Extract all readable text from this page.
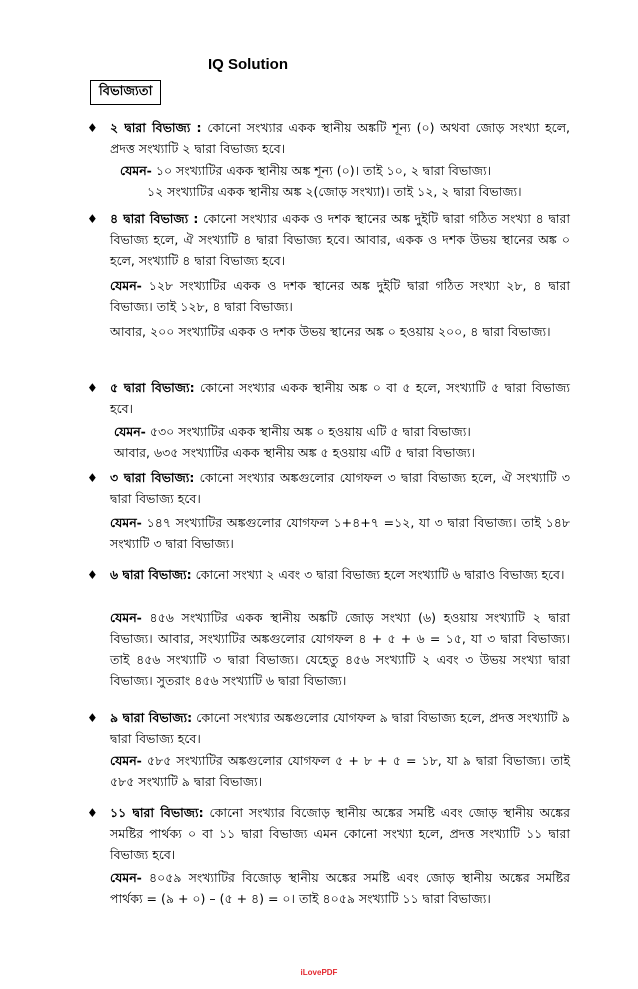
IQ Solution
বিভাজ্যতা
♦ ২ দ্বারা বিভাজ্য : কোনো সংখ্যার একক স্থানীয় অঙ্কটি শূন্য (০) অথবা জোড় সংখ্যা হলে, প্রদত্ত সংখ্যাটি ২ দ্বারা বিভাজ্য হবে।
যেমন- ১০ সংখ্যাটির একক স্থানীয় অঙ্ক শূন্য (০)। তাই ১০, ২ দ্বারা বিভাজ্য।
১২ সংখ্যাটির একক স্থানীয় অঙ্ক ২(জোড় সংখ্যা)। তাই ১২, ২ দ্বারা বিভাজ্য।
♦ ৪ দ্বারা বিভাজ্য : কোনো সংখ্যার একক ও দশক স্থানের অঙ্ক দুইটি দ্বারা গঠিত সংখ্যা ৪ দ্বারা বিভাজ্য হলে, ঐ সংখ্যাটি ৪ দ্বারা বিভাজ্য হবে। আবার, একক ও দশক উভয় স্থানের অঙ্ক ০ হলে, সংখ্যাটি ৪ দ্বারা বিভাজ্য হবে।
যেমন- ১২৮ সংখ্যাটির একক ও দশক স্থানের অঙ্ক দুইটি দ্বারা গঠিত সংখ্যা ২৮, ৪ দ্বারা বিভাজ্য। তাই ১২৮, ৪ দ্বারা বিভাজ্য।
আবার, ২০০ সংখ্যাটির একক ও দশক উভয় স্থানের অঙ্ক ০ হওয়ায় ২০০, ৪ দ্বারা বিভাজ্য।
♦ ৫ দ্বারা বিভাজ্য: কোনো সংখ্যার একক স্থানীয় অঙ্ক ০ বা ৫ হলে, সংখ্যাটি ৫ দ্বারা বিভাজ্য হবে।
যেমন- ৫৩০ সংখ্যাটির একক স্থানীয় অঙ্ক ০ হওয়ায় এটি ৫ দ্বারা বিভাজ্য।
আবার, ৬৩৫ সংখ্যাটির একক স্থানীয় অঙ্ক ৫ হওয়ায় এটি ৫ দ্বারা বিভাজ্য।
♦ ৩ দ্বারা বিভাজ্য: কোনো সংখ্যার অঙ্কগুলোর যোগফল ৩ দ্বারা বিভাজ্য হলে, ঐ সংখ্যাটি ৩ দ্বারা বিভাজ্য হবে।
যেমন- ১৪৭ সংখ্যাটির অঙ্কগুলোর যোগফল ১+৪+৭ =১২, যা ৩ দ্বারা বিভাজ্য। তাই ১৪৮ সংখ্যাটি ৩ দ্বারা বিভাজ্য।
♦ ৬ দ্বারা বিভাজ্য: কোনো সংখ্যা ২ এবং ৩ দ্বারা বিভাজ্য হলে সংখ্যাটি ৬ দ্বারাও বিভাজ্য হবে।
যেমন- ৪৫৬ সংখ্যাটির একক স্থানীয় অঙ্কটি জোড় সংখ্যা (৬) হওয়ায় সংখ্যাটি ২ দ্বারা বিভাজ্য। আবার, সংখ্যাটির অঙ্কগুলোর যোগফল ৪ + ৫ + ৬ = ১৫, যা ৩ দ্বারা বিভাজ্য। তাই ৪৫৬ সংখ্যাটি ৩ দ্বারা বিভাজ্য। যেহেতু ৪৫৬ সংখ্যাটি ২ এবং ৩ উভয় সংখ্যা দ্বারা বিভাজ্য। সুতরাং ৪৫৬ সংখ্যাটি ৬ দ্বারা বিভাজ্য।
♦ ৯ দ্বারা বিভাজ্য: কোনো সংখ্যার অঙ্কগুলোর যোগফল ৯ দ্বারা বিভাজ্য হলে, প্রদত্ত সংখ্যাটি ৯ দ্বারা বিভাজ্য হবে।
যেমন- ৫৮৫ সংখ্যাটির অঙ্কগুলোর যোগফল ৫ + ৮ + ৫ = ১৮, যা ৯ দ্বারা বিভাজ্য। তাই ৫৮৫ সংখ্যাটি ৯ দ্বারা বিভাজ্য।
♦ ১১ দ্বারা বিভাজ্য: কোনো সংখ্যার বিজোড় স্থানীয় অঙ্কের সমষ্টি এবং জোড় স্থানীয় অঙ্কের সমষ্টির পার্থক্য ০ বা ১১ দ্বারা বিভাজ্য এমন কোনো সংখ্যা হলে, প্রদত্ত সংখ্যাটি ১১ দ্বারা বিভাজ্য হবে।
যেমন- ৪০৫৯ সংখ্যাটির বিজোড় স্থানীয় অঙ্কের সমষ্টি এবং জোড় স্থানীয় অঙ্কের সমষ্টির পার্থক্য = (৯ + ০) – (৫ + ৪) = ০। তাই ৪০৫৯ সংখ্যাটি ১১ দ্বারা বিভাজ্য।
iLovePDF
